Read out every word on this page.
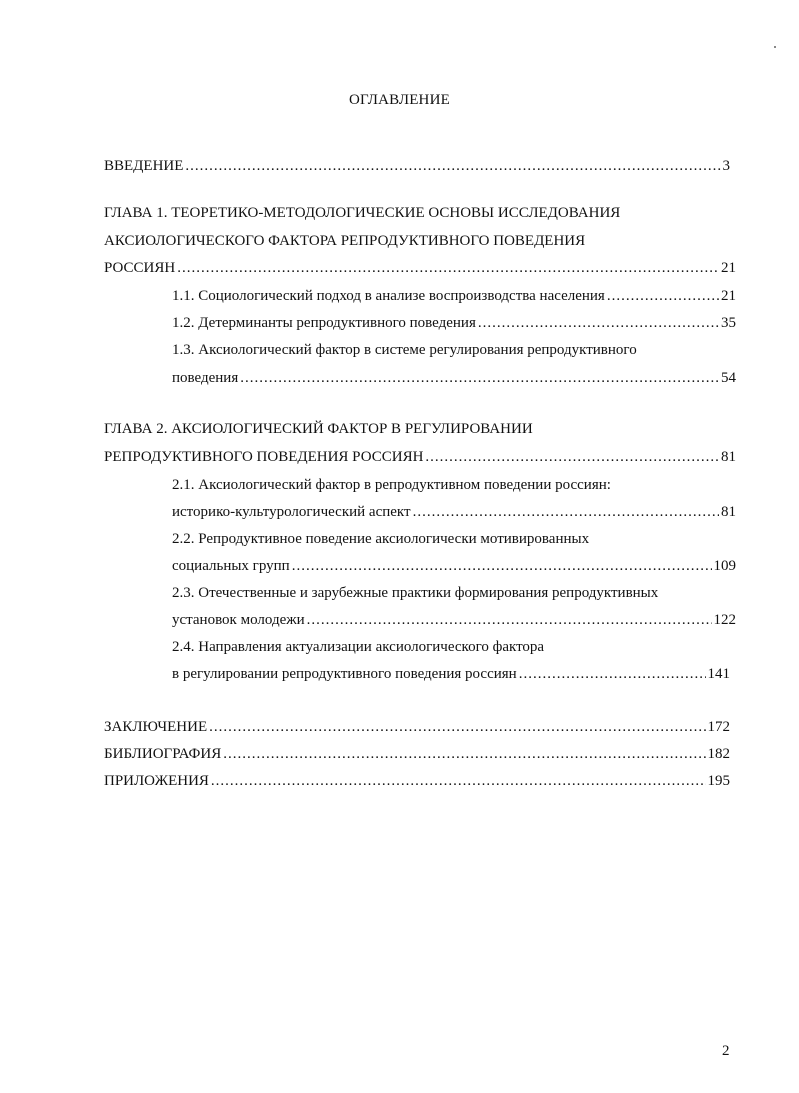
ОГЛАВЛЕНИЕ
ВВЕДЕНИЕ .....	3
ГЛАВА 1. ТЕОРЕТИКО-МЕТОДОЛОГИЧЕСКИЕ ОСНОВЫ ИССЛЕДОВАНИЯ
АКСИОЛОГИЧЕСКОГО ФАКТОРА РЕПРОДУКТИВНОГО ПОВЕДЕНИЯ
РОССИЯН .....	21
1.1. Социологический подход в анализе воспроизводства населения .....	21
1.2. Детерминанты репродуктивного поведения .....	35
1.3. Аксиологический фактор в системе регулирования репродуктивного
поведения .....	54
ГЛАВА 2. АКСИОЛОГИЧЕСКИЙ ФАКТОР В РЕГУЛИРОВАНИИ
РЕПРОДУКТИВНОГО ПОВЕДЕНИЯ РОССИЯН .....	81
2.1. Аксиологический фактор в репродуктивном поведении россиян:
историко-культурологический аспект .....	81
2.2. Репродуктивное поведение аксиологически мотивированных
социальных групп .....	109
2.3. Отечественные и зарубежные практики формирования репродуктивных
установок молодежи .....	122
2.4. Направления актуализации аксиологического фактора
в регулировании репродуктивного поведения россиян .....	141
ЗАКЛЮЧЕНИЕ .....	172
БИБЛИОГРАФИЯ .....	182
ПРИЛОЖЕНИЯ .....	195
2
